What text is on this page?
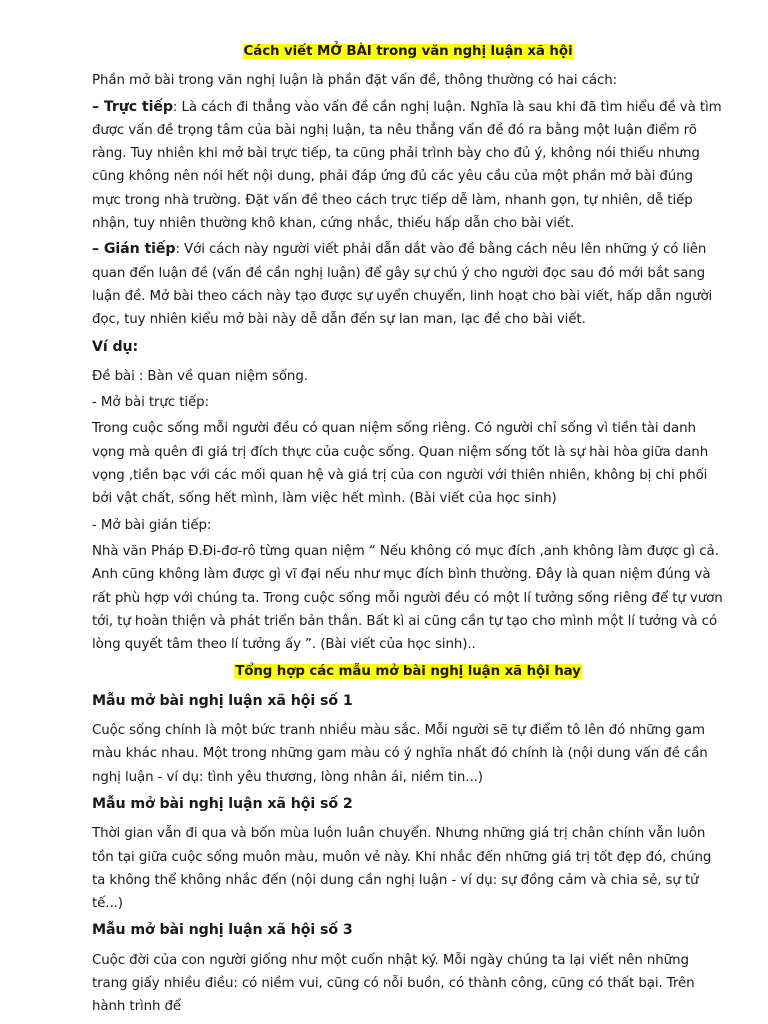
Cách viết MỞ BÀI trong văn nghị luận xã hội

Phần mở bài trong văn nghị luận là phần đặt vấn đề, thông thường có hai cách:

– Trực tiếp: Là cách đi thẳng vào vấn đề cần nghị luận. Nghĩa là sau khi đã tìm hiểu đề và tìm được vấn đề trọng tâm của bài nghị luận, ta nêu thẳng vấn đề đó ra bằng một luận điểm rõ ràng. Tuy nhiên khi mở bài trực tiếp, ta cũng phải trình bày cho đủ ý, không nói thiếu nhưng cũng không nên nói hết nội dung, phải đáp ứng đủ các yêu cầu của một phần mở bài đúng mực trong nhà trường. Đặt vấn đề theo cách trực tiếp dễ làm, nhanh gọn, tự nhiên, dễ tiếp nhận, tuy nhiên thường khô khan, cứng nhắc, thiếu hấp dẫn cho bài viết.

– Gián tiếp: Với cách này người viết phải dẫn dắt vào đề bằng cách nêu lên những ý có liên quan đến luận đề (vấn đề cần nghị luận) để gây sự chú ý cho người đọc sau đó mới bắt sang luận đề. Mở bài theo cách này tạo được sự uyển chuyển, linh hoạt cho bài viết, hấp dẫn người đọc, tuy nhiên kiểu mở bài này dễ dẫn đến sự lan man, lạc đề cho bài viết.

Ví dụ:

Đề bài : Bàn về quan niệm sống.

- Mở bài trực tiếp:

Trong cuộc sống mỗi người đều có quan niệm sống riêng. Có người chỉ sống vì tiền tài danh vọng mà quên đi giá trị đích thực của cuộc sống. Quan niệm sống tốt là sự hài hòa giữa danh vọng ,tiền bạc với các mối quan hệ và giá trị của con người với thiên nhiên, không bị chi phối bởi vật chất, sống hết mình, làm việc hết mình. (Bài viết của học sinh)

- Mở bài gián tiếp:

Nhà văn Pháp Đ.Đi-đơ-rô từng quan niệm “ Nếu không có mục đích ,anh không làm được gì cả. Anh cũng không làm được gì vĩ đại nếu như mục đích bình thường. Đây là quan niệm đúng và rất phù hợp với chúng ta. Trong cuộc sống mỗi người đều có một lí tưởng sống riêng để tự vươn tới, tự hoàn thiện và phát triển bản thân. Bất kì ai cũng cần tự tạo cho mình một lí tưởng và có lòng quyết tâm theo lí tưởng ấy ”. (Bài viết của học sinh)..

Tổng hợp các mẫu mở bài nghị luận xã hội hay

Mẫu mở bài nghị luận xã hội số 1

Cuộc sống chính là một bức tranh nhiều màu sắc. Mỗi người sẽ tự điểm tô lên đó những gam màu khác nhau. Một trong những gam màu có ý nghĩa nhất đó chính là (nội dung vấn đề cần nghị luận - ví dụ: tình yêu thương, lòng nhân ái, niềm tin...)

Mẫu mở bài nghị luận xã hội số 2

Thời gian vẫn đi qua và bốn mùa luôn luân chuyển. Nhưng những giá trị chân chính vẫn luôn tồn tại giữa cuộc sống muôn màu, muôn vẻ này. Khi nhắc đến những giá trị tốt đẹp đó, chúng ta không thể không nhắc đến (nội dung cần nghị luận - ví dụ: sự đồng cảm và chia sẻ, sự tử tế...)

Mẫu mở bài nghị luận xã hội số 3

Cuộc đời của con người giống như một cuốn nhật ký. Mỗi ngày chúng ta lại viết nên những trang giấy nhiều điều: có niềm vui, cũng có nỗi buồn, có thành công, cũng có thất bại. Trên hành trình để
